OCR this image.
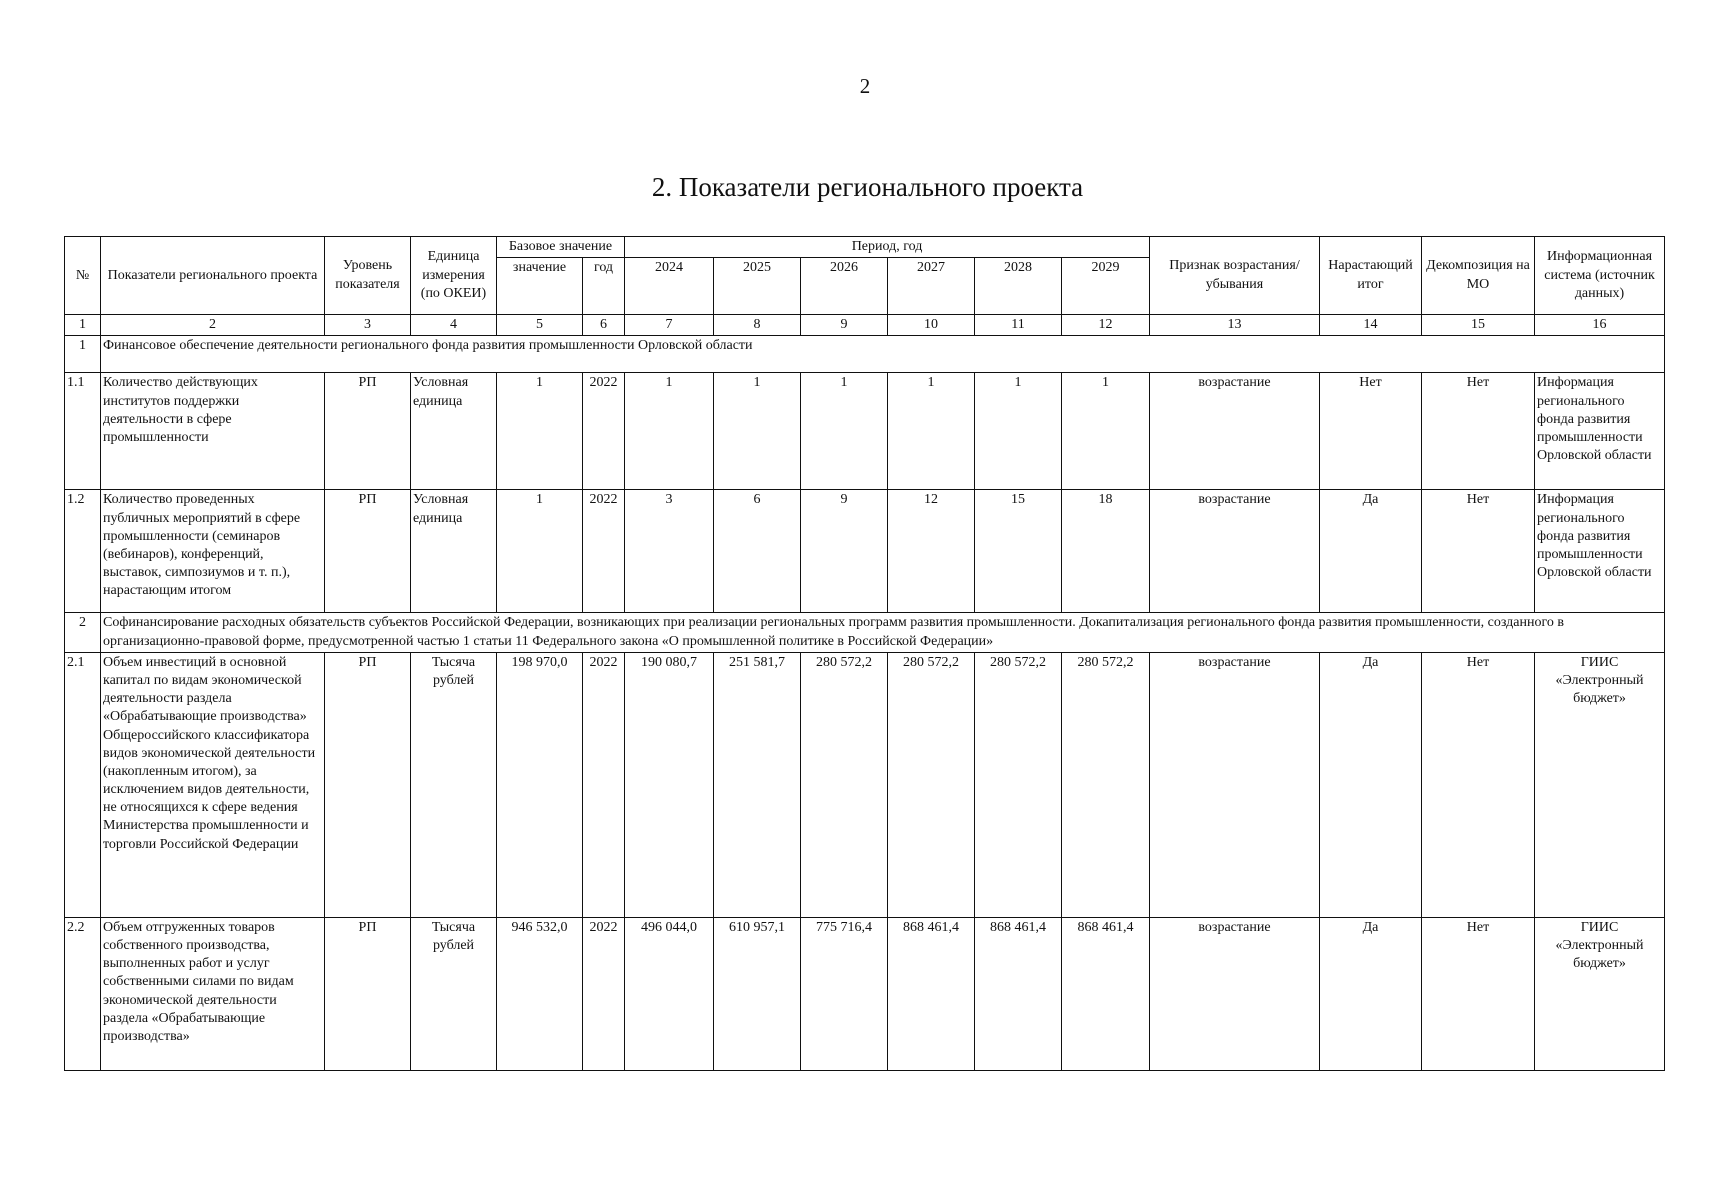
2
2. Показатели регионального проекта
№	Показатели регионального проекта	Уровень показателя	Единица измерения (по ОКЕИ)	Базовое значение		Период, год						Признак возрастания/убывания	Нарастающий итог	Декомпозиция на МО	Информационная система (источник данных)
				значение	год	2024	2025	2026	2027	2028	2029				
1	2	3	4	5	6	7	8	9	10	11	12	13	14	15	16
1	Финансовое обеспечение деятельности регионального фонда развития промышленности Орловской области														
1.1	Количество действующих институтов поддержки деятельности в сфере промышленности	РП	Условная единица	1	2022	1	1	1	1	1	1	возрастание	Нет	Нет	Информация регионального фонда развития промышленности Орловской области
1.2	Количество проведенных публичных мероприятий в сфере промышленности (семинаров (вебинаров), конференций, выставок, симпозиумов и т. п.), нарастающим итогом	РП	Условная единица	1	2022	3	6	9	12	15	18	возрастание	Да	Нет	Информация регионального фонда развития промышленности Орловской области
2	Софинансирование расходных обязательств субъектов Российской Федерации, возникающих при реализации региональных программ развития промышленности. Докапитализация регионального фонда развития промышленности, созданного в организационно-правовой форме, предусмотренной частью 1 статьи 11 Федерального закона «О промышленной политике в Российской Федерации»														
2.1	Объем инвестиций в основной капитал по видам экономической деятельности раздела «Обрабатывающие производства» Общероссийского классификатора видов экономической деятельности (накопленным итогом), за исключением видов деятельности, не относящихся к сфере ведения Министерства промышленности и торговли Российской Федерации	РП	Тысяча рублей	198 970,0	2022	190 080,7	251 581,7	280 572,2	280 572,2	280 572,2	280 572,2	возрастание	Да	Нет	ГИИС «Электронный бюджет»
2.2	Объем отгруженных товаров собственного производства, выполненных работ и услуг собственными силами по видам экономической деятельности раздела «Обрабатывающие производства»	РП	Тысяча рублей	946 532,0	2022	496 044,0	610 957,1	775 716,4	868 461,4	868 461,4	868 461,4	возрастание	Да	Нет	ГИИС «Электронный бюджет»
